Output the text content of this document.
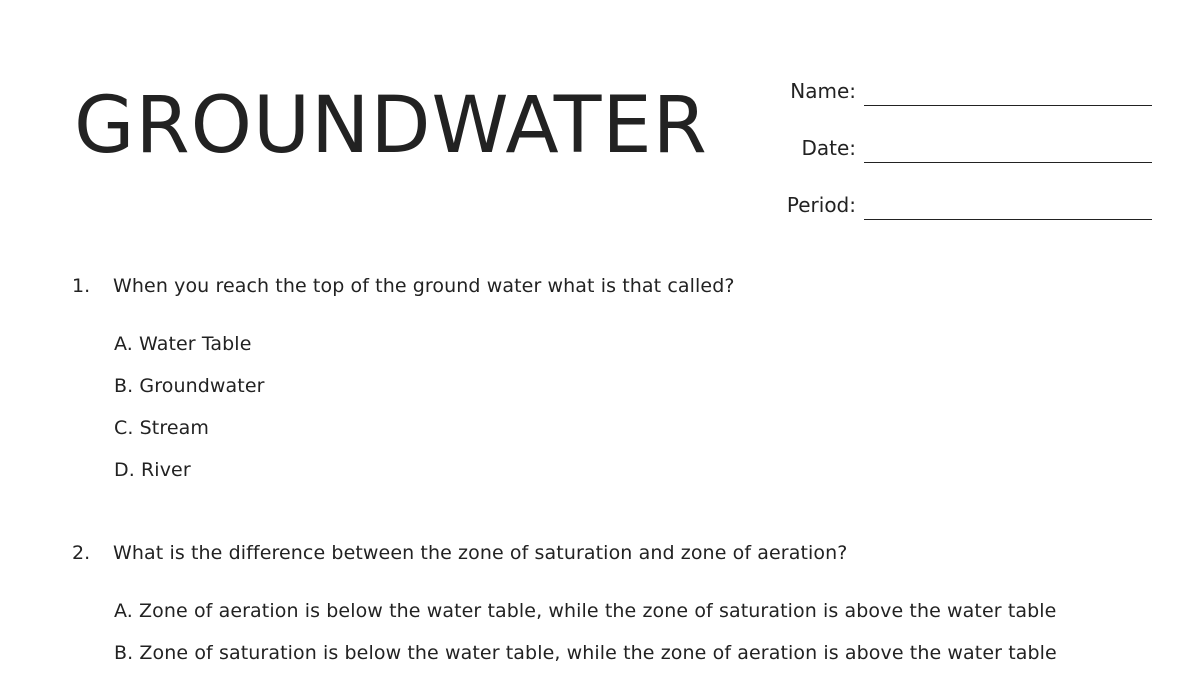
GROUNDWATER	Name:
Date:
Period:
1. When you reach the top of the ground water what is that called?
A. Water Table
B. Groundwater
C. Stream
D. River
2. What is the difference between the zone of saturation and zone of aeration?
A. Zone of aeration is below the water table, while the zone of saturation is above the water table
B. Zone of saturation is below the water table, while the zone of aeration is above the water table
